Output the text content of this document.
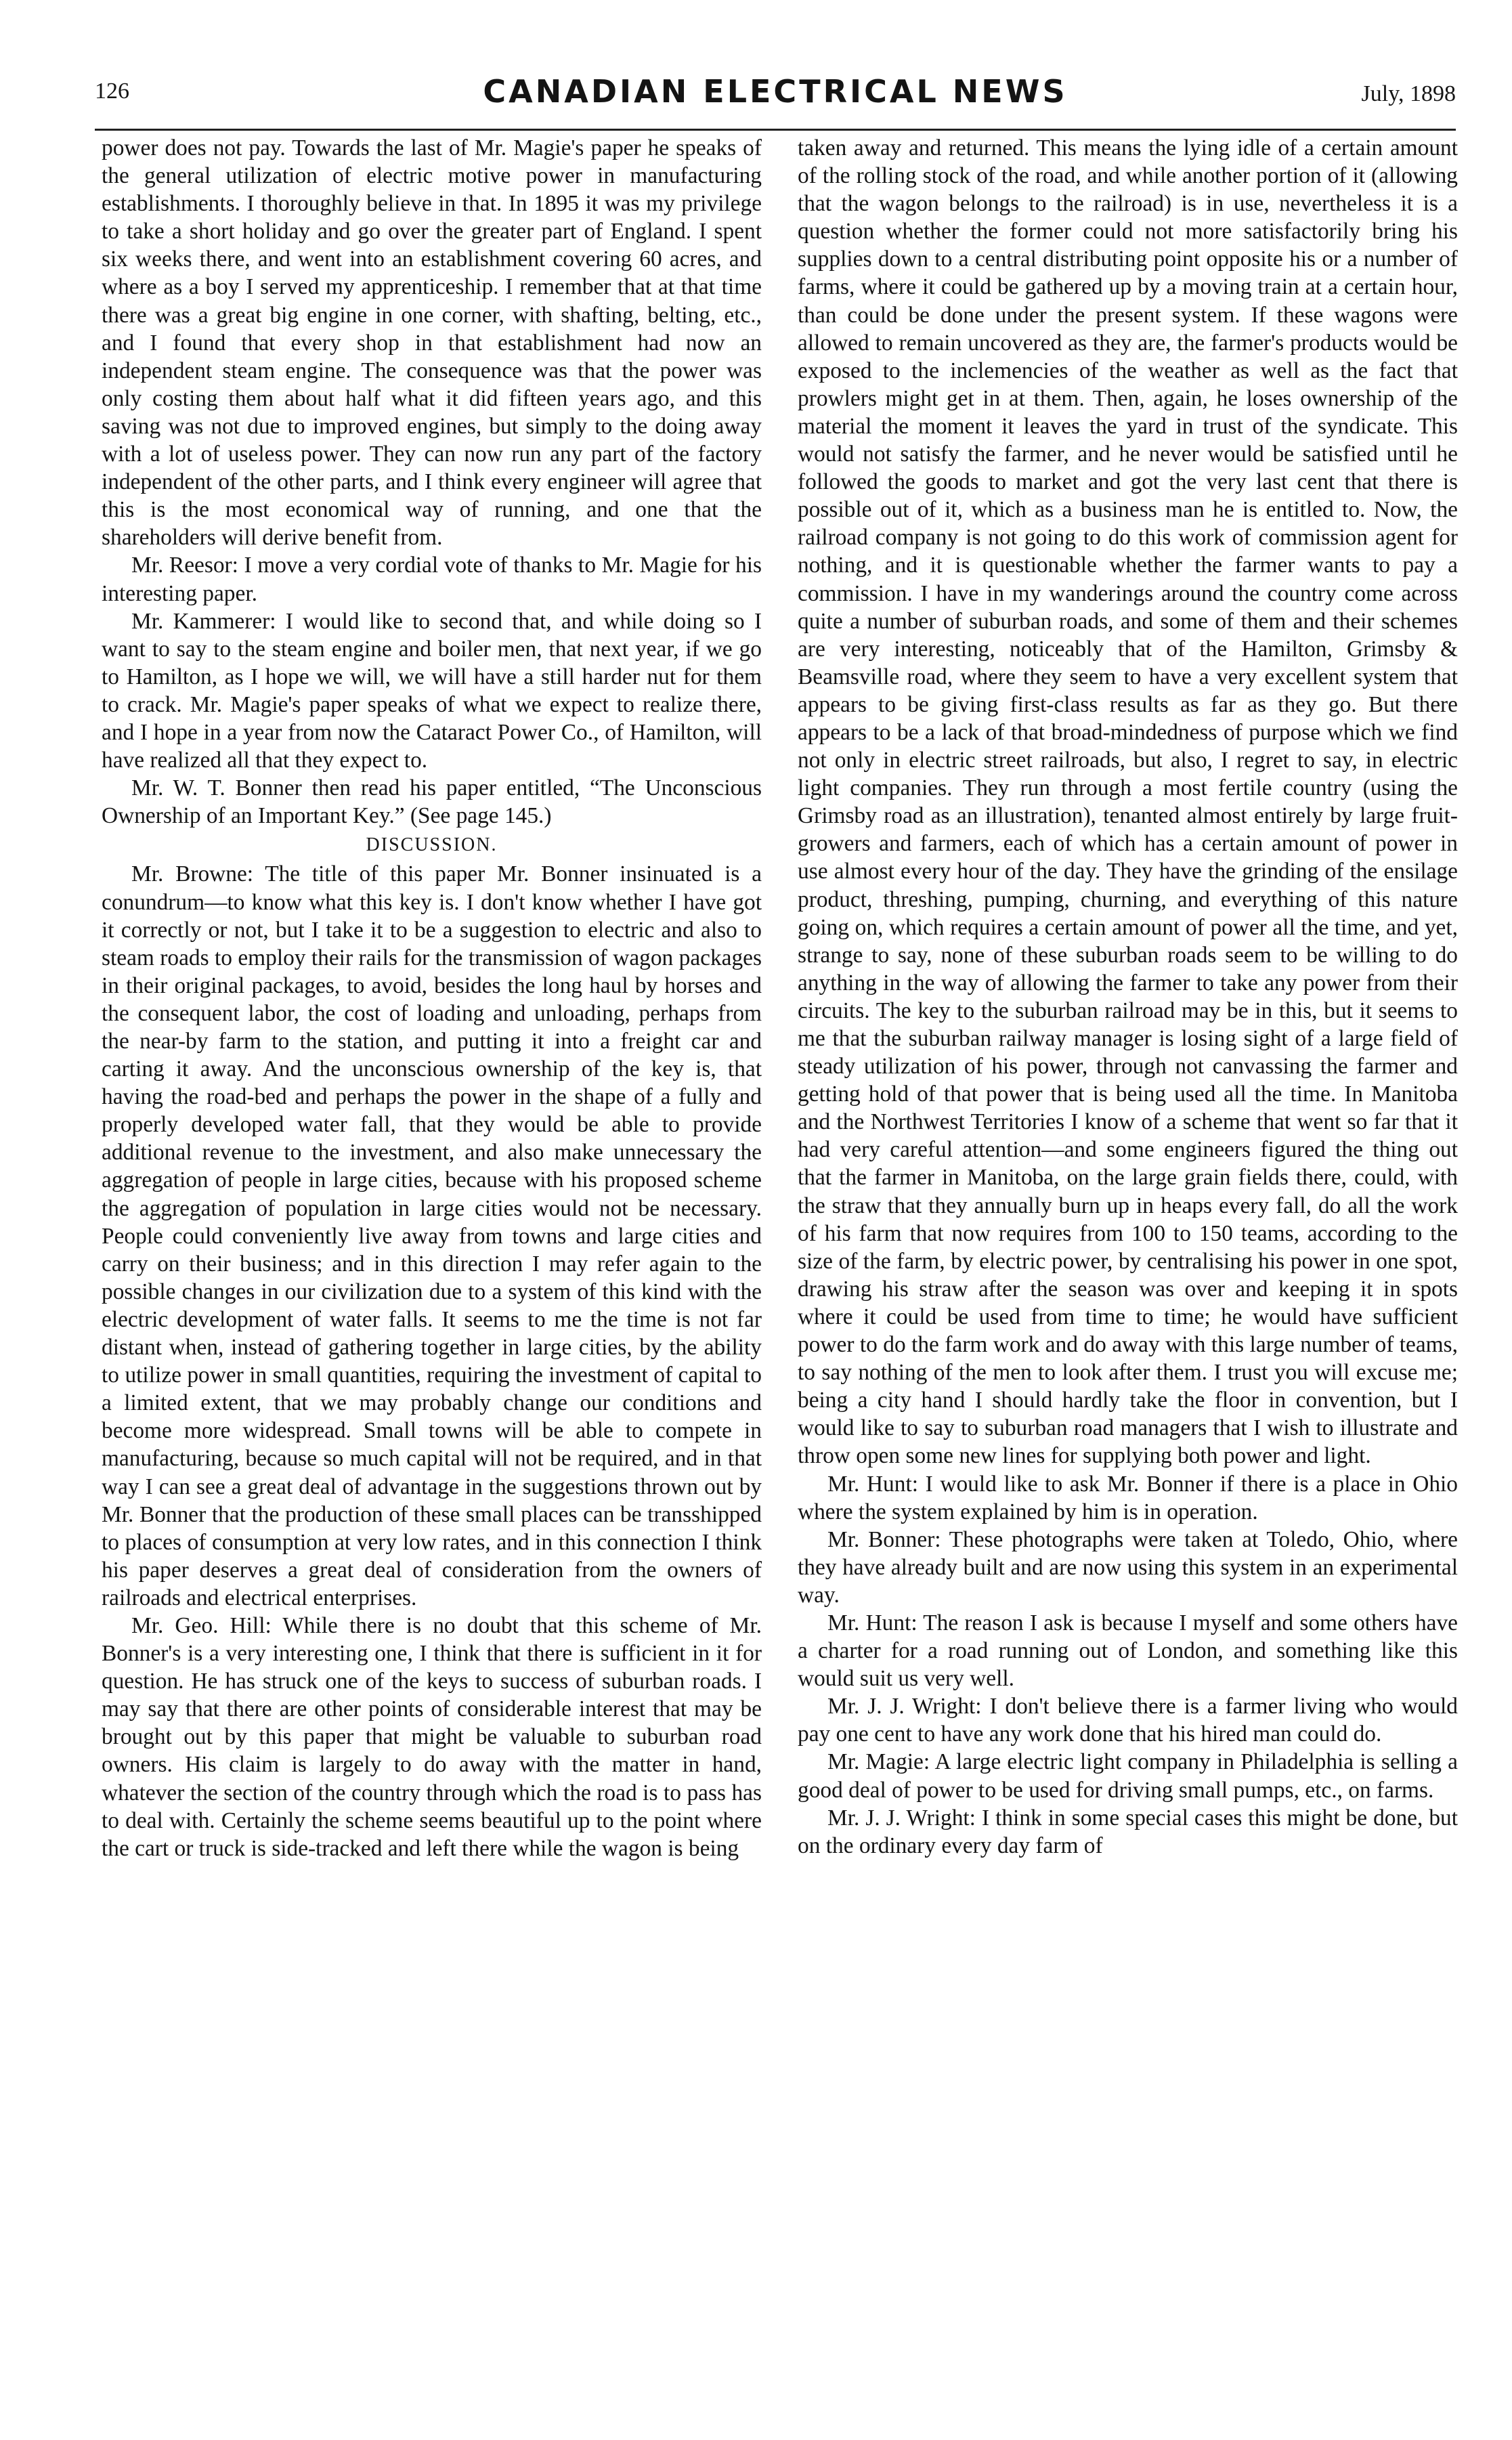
126	CANADIAN ELECTRICAL NEWS	July, 1898

power does not pay. Towards the last of Mr. Magie's paper he speaks of the general utilization of electric motive power in manufacturing establishments. I thoroughly believe in that. In 1895 it was my privilege to take a short holiday and go over the greater part of England. I spent six weeks there, and went into an establishment covering 60 acres, and where as a boy I served my apprenticeship. I remember that at that time there was a great big engine in one corner, with shafting, belting, etc., and I found that every shop in that establishment had now an independent steam engine. The consequence was that the power was only costing them about half what it did fifteen years ago, and this saving was not due to improved engines, but simply to the doing away with a lot of useless power. They can now run any part of the factory independent of the other parts, and I think every engineer will agree that this is the most economical way of running, and one that the shareholders will derive benefit from.

Mr. Reesor: I move a very cordial vote of thanks to Mr. Magie for his interesting paper.

Mr. Kammerer: I would like to second that, and while doing so I want to say to the steam engine and boiler men, that next year, if we go to Hamilton, as I hope we will, we will have a still harder nut for them to crack. Mr. Magie's paper speaks of what we expect to realize there, and I hope in a year from now the Cataract Power Co., of Hamilton, will have realized all that they expect to.

Mr. W. T. Bonner then read his paper entitled, “The Unconscious Ownership of an Important Key.” (See page 145.)

DISCUSSION.

Mr. Browne: The title of this paper Mr. Bonner insinuated is a conundrum—to know what this key is. I don't know whether I have got it correctly or not, but I take it to be a suggestion to electric and also to steam roads to employ their rails for the transmission of wagon packages in their original packages, to avoid, besides the long haul by horses and the consequent labor, the cost of loading and unloading, perhaps from the near-by farm to the station, and putting it into a freight car and carting it away. And the unconscious ownership of the key is, that having the road-bed and perhaps the power in the shape of a fully and properly developed water fall, that they would be able to provide additional revenue to the investment, and also make unnecessary the aggregation of people in large cities, because with his proposed scheme the aggregation of population in large cities would not be necessary. People could conveniently live away from towns and large cities and carry on their business; and in this direction I may refer again to the possible changes in our civilization due to a system of this kind with the electric development of water falls. It seems to me the time is not far distant when, instead of gathering together in large cities, by the ability to utilize power in small quantities, requiring the investment of capital to a limited extent, that we may probably change our conditions and become more widespread. Small towns will be able to compete in manufacturing, because so much capital will not be required, and in that way I can see a great deal of advantage in the suggestions thrown out by Mr. Bonner that the production of these small places can be transshipped to places of consumption at very low rates, and in this connection I think his paper deserves a great deal of consideration from the owners of railroads and electrical enterprises.

Mr. Geo. Hill: While there is no doubt that this scheme of Mr. Bonner's is a very interesting one, I think that there is sufficient in it for question. He has struck one of the keys to success of suburban roads. I may say that there are other points of considerable interest that may be brought out by this paper that might be valuable to suburban road owners. His claim is largely to do away with the matter in hand, whatever the section of the country through which the road is to pass has to deal with. Certainly the scheme seems beautiful up to the point where the cart or truck is side-tracked and left there while the wagon is being

taken away and returned. This means the lying idle of a certain amount of the rolling stock of the road, and while another portion of it (allowing that the wagon belongs to the railroad) is in use, nevertheless it is a question whether the former could not more satisfactorily bring his supplies down to a central distributing point opposite his or a number of farms, where it could be gathered up by a moving train at a certain hour, than could be done under the present system. If these wagons were allowed to remain uncovered as they are, the farmer's products would be exposed to the inclemencies of the weather as well as the fact that prowlers might get in at them. Then, again, he loses ownership of the material the moment it leaves the yard in trust of the syndicate. This would not satisfy the farmer, and he never would be satisfied until he followed the goods to market and got the very last cent that there is possible out of it, which as a business man he is entitled to. Now, the railroad company is not going to do this work of commission agent for nothing, and it is questionable whether the farmer wants to pay a commission. I have in my wanderings around the country come across quite a number of suburban roads, and some of them and their schemes are very interesting, noticeably that of the Hamilton, Grimsby & Beamsville road, where they seem to have a very excellent system that appears to be giving first-class results as far as they go. But there appears to be a lack of that broad-mindedness of purpose which we find not only in electric street railroads, but also, I regret to say, in electric light companies. They run through a most fertile country (using the Grimsby road as an illustration), tenanted almost entirely by large fruit-growers and farmers, each of which has a certain amount of power in use almost every hour of the day. They have the grinding of the ensilage product, threshing, pumping, churning, and everything of this nature going on, which requires a certain amount of power all the time, and yet, strange to say, none of these suburban roads seem to be willing to do anything in the way of allowing the farmer to take any power from their circuits. The key to the suburban railroad may be in this, but it seems to me that the suburban railway manager is losing sight of a large field of steady utilization of his power, through not canvassing the farmer and getting hold of that power that is being used all the time. In Manitoba and the Northwest Territories I know of a scheme that went so far that it had very careful attention—and some engineers figured the thing out that the farmer in Manitoba, on the large grain fields there, could, with the straw that they annually burn up in heaps every fall, do all the work of his farm that now requires from 100 to 150 teams, according to the size of the farm, by electric power, by centralising his power in one spot, drawing his straw after the season was over and keeping it in spots where it could be used from time to time; he would have sufficient power to do the farm work and do away with this large number of teams, to say nothing of the men to look after them. I trust you will excuse me; being a city hand I should hardly take the floor in convention, but I would like to say to suburban road managers that I wish to illustrate and throw open some new lines for supplying both power and light.

Mr. Hunt: I would like to ask Mr. Bonner if there is a place in Ohio where the system explained by him is in operation.

Mr. Bonner: These photographs were taken at Toledo, Ohio, where they have already built and are now using this system in an experimental way.

Mr. Hunt: The reason I ask is because I myself and some others have a charter for a road running out of London, and something like this would suit us very well.

Mr. J. J. Wright: I don't believe there is a farmer living who would pay one cent to have any work done that his hired man could do.

Mr. Magie: A large electric light company in Philadelphia is selling a good deal of power to be used for driving small pumps, etc., on farms.

Mr. J. J. Wright: I think in some special cases this might be done, but on the ordinary every day farm of
